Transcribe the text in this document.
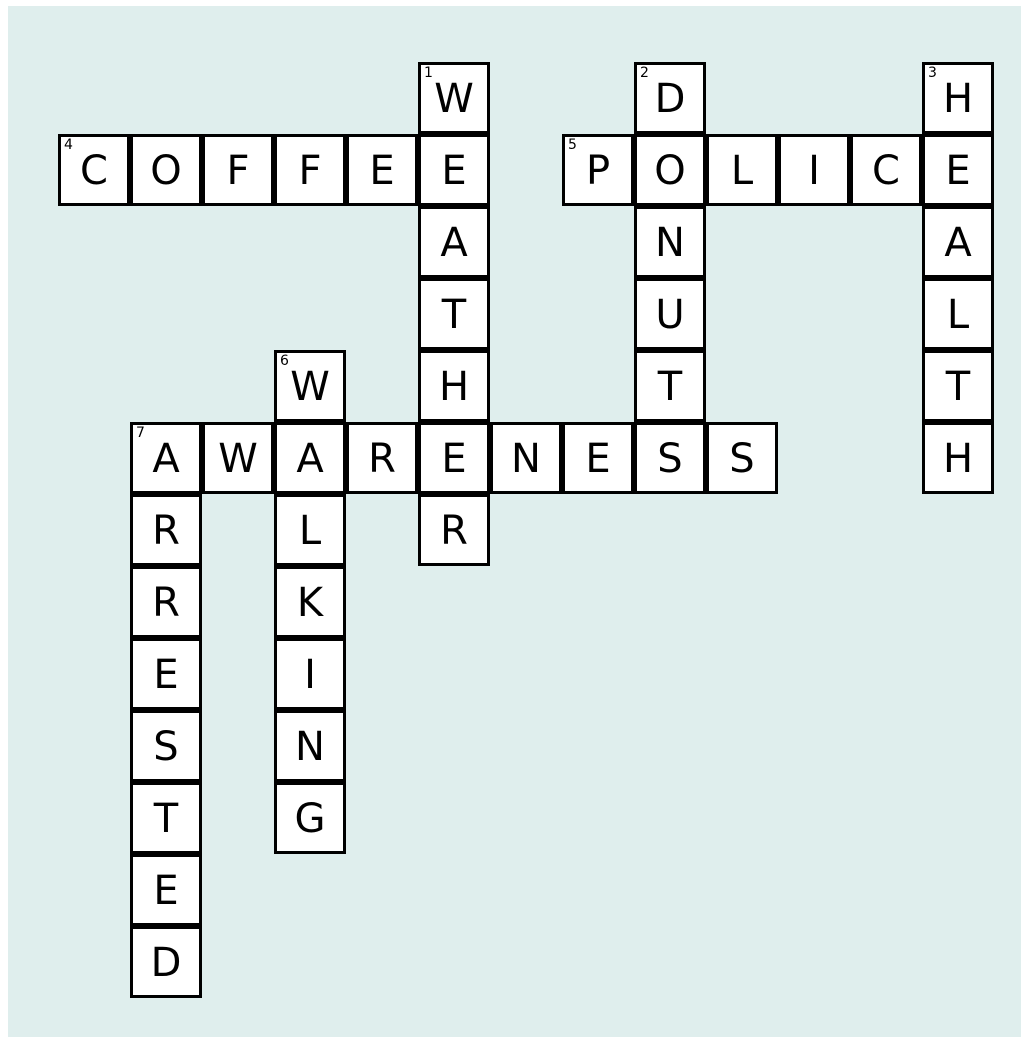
1
W
E
A
T
H
E
R
2
D
O
N
U
T
S
3
H
E
A
L
T
H
4
C	O	F	F	E
5
P	L	I	C
6
W
A
L
K
I
N
G
7
A W	R	N	E	S
R
R
E
S
T
E
D
